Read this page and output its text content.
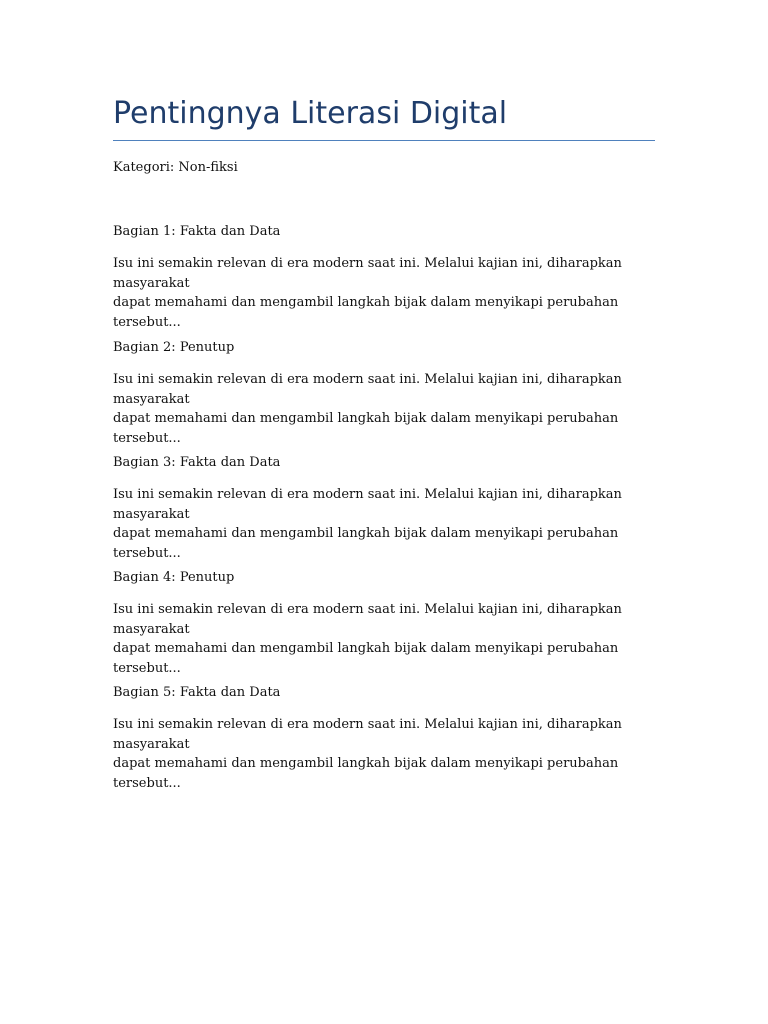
Pentingnya Literasi Digital

Kategori: Non-fiksi

Bagian 1: Fakta dan Data

Isu ini semakin relevan di era modern saat ini. Melalui kajian ini, diharapkan masyarakat
dapat memahami dan mengambil langkah bijak dalam menyikapi perubahan tersebut...

Bagian 2: Penutup

Isu ini semakin relevan di era modern saat ini. Melalui kajian ini, diharapkan masyarakat
dapat memahami dan mengambil langkah bijak dalam menyikapi perubahan tersebut...

Bagian 3: Fakta dan Data

Isu ini semakin relevan di era modern saat ini. Melalui kajian ini, diharapkan masyarakat
dapat memahami dan mengambil langkah bijak dalam menyikapi perubahan tersebut...

Bagian 4: Penutup

Isu ini semakin relevan di era modern saat ini. Melalui kajian ini, diharapkan masyarakat
dapat memahami dan mengambil langkah bijak dalam menyikapi perubahan tersebut...

Bagian 5: Fakta dan Data

Isu ini semakin relevan di era modern saat ini. Melalui kajian ini, diharapkan masyarakat
dapat memahami dan mengambil langkah bijak dalam menyikapi perubahan tersebut...
